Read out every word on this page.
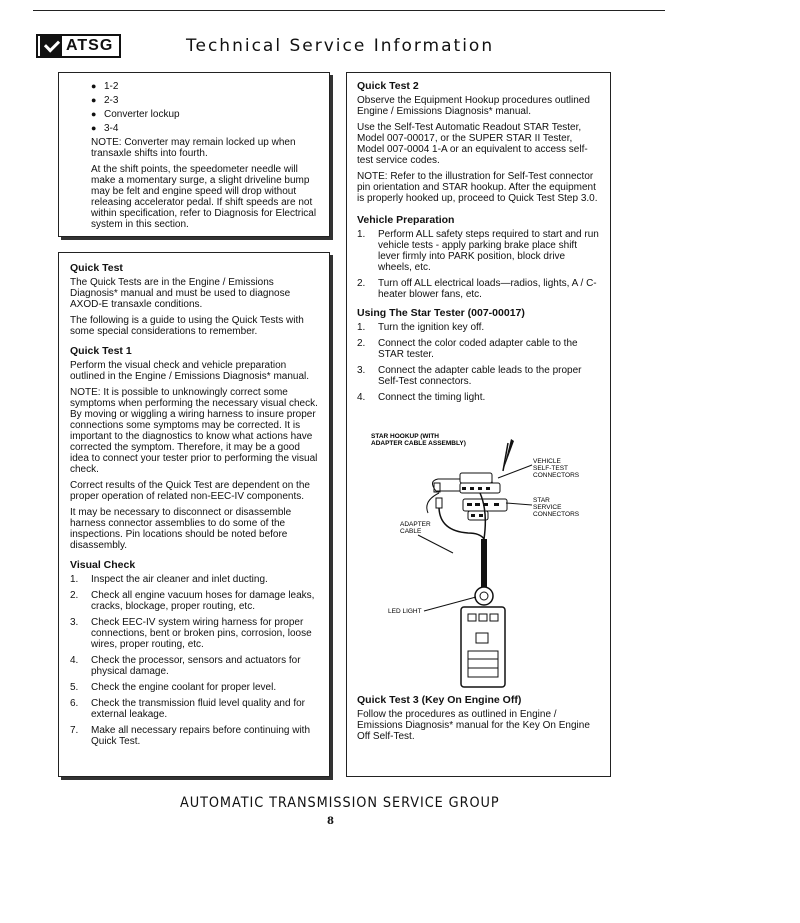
ATSG	Technical Service Information
● 1-2
● 2-3
● Converter lockup
● 3-4

NOTE: Converter may remain locked up when transaxle shifts into fourth.

At the shift points, the speedometer needle will make a momentary surge, a slight driveline bump may be felt and engine speed will drop without releasing accelerator pedal. If shift speeds are not within specification, refer to Diagnosis for Electrical system in this section.

Quick Test

The Quick Tests are in the Engine / Emissions Diagnosis* manual and must be used to diagnose AXOD-E transaxle conditions.

The following is a guide to using the Quick Tests with some special considerations to remember.

Quick Test 1

Perform the visual check and vehicle preparation outlined in the Engine / Emissions Diagnosis* manual.

NOTE: It is possible to unknowingly correct some symptoms when performing the necessary visual check. By moving or wiggling a wiring harness to insure proper connections some symptoms may be corrected. It is important to the diagnostics to know what actions have corrected the symptom. Therefore, it may be a good idea to connect your tester prior to performing the visual check.

Correct results of the Quick Test are dependent on the proper operation of related non-EEC-IV components.

It may be necessary to disconnect or disassemble harness connector assemblies to do some of the inspections. Pin locations should be noted before disassembly.

Visual Check
1.	Inspect the air cleaner and inlet ducting.
2.	Check all engine vacuum hoses for damage leaks, cracks, blockage, proper routing, etc.
3.	Check EEC-IV system wiring harness for proper connections, bent or broken pins, corrosion, loose wires, proper routing, etc.
4.	Check the processor, sensors and actuators for physical damage.
5.	Check the engine coolant for proper level.
6.	Check the transmission fluid level quality and for external leakage.
7.	Make all necessary repairs before continuing with Quick Test.
Quick Test 2

Observe the Equipment Hookup procedures outlined Engine / Emissions Diagnosis* manual.

Use the Self-Test Automatic Readout STAR Tester, Model 007-00017, or the SUPER STAR II Tester, Model 007-0004 1-A or an equivalent to access self-test service codes.

NOTE: Refer to the illustration for Self-Test connector pin orientation and STAR hookup. After the equipment is properly hooked up, proceed to Quick Test Step 3.0.

Vehicle Preparation
1.	Perform ALL safety steps required to start and run vehicle tests - apply parking brake place shift lever firmly into PARK position, block drive wheels, etc.
2.	Turn off ALL electrical loads—radios, lights, A / C-heater blower fans, etc.
Using The Star Tester (007-00017)
1.	Turn the ignition key off.
2.	Connect the color coded adapter cable to the STAR tester.
3.	Connect the adapter cable leads to the proper Self-Test connectors.
4.	Connect the timing light.
Quick Test 3 (Key On Engine Off)

Follow the procedures as outlined in Engine / Emissions Diagnosis* manual for the Key On Engine Off Self-Test.

STAR HOOKUP (WITH
ADAPTER CABLE ASSEMBLY)
VEHICLE
SELF-TEST
CONNECTORS
STAR
SERVICE
CONNECTORS
ADAPTER
CABLE
LED LIGHT
AUTOMATIC TRANSMISSION SERVICE GROUP
8
